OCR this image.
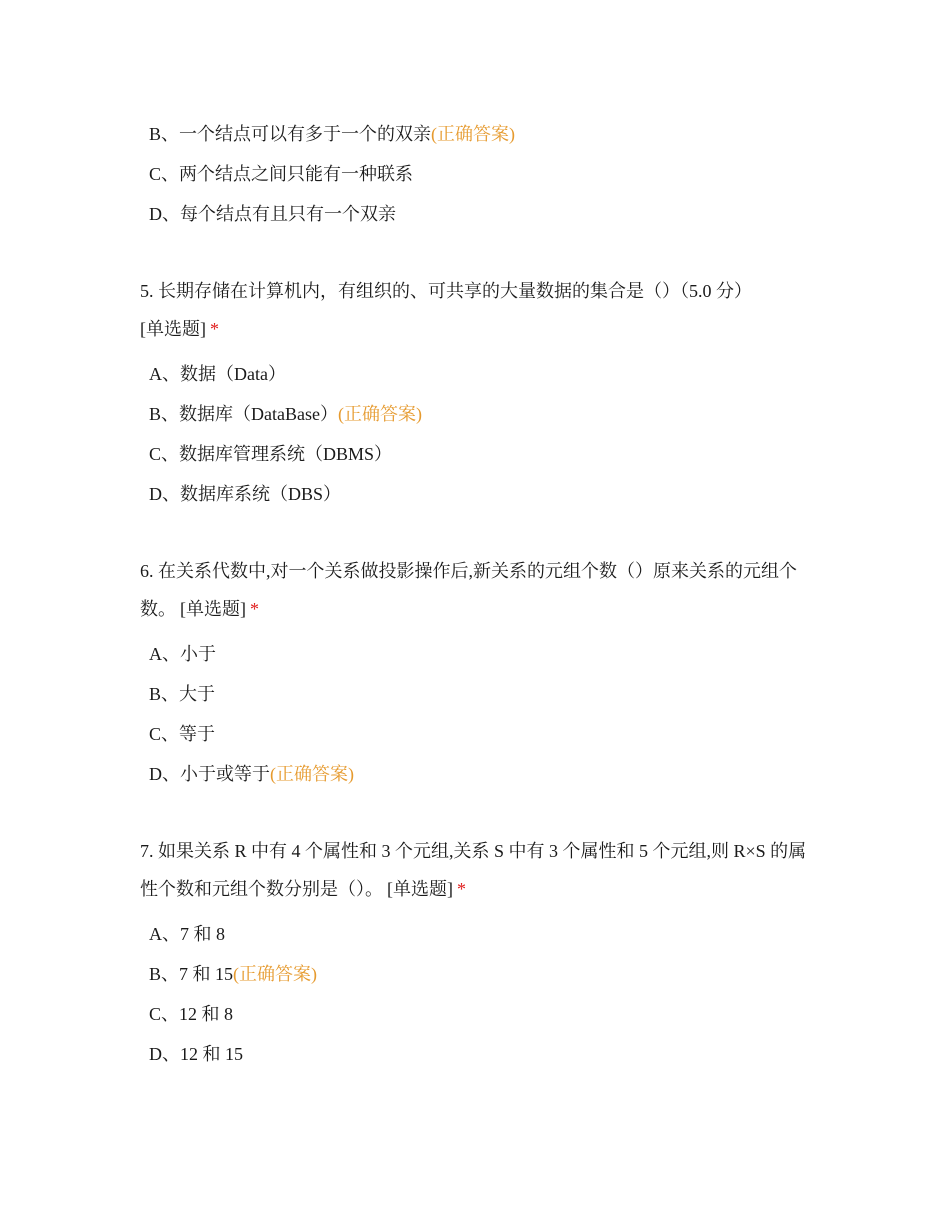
B、一个结点可以有多于一个的双亲(正确答案)
C、两个结点之间只能有一种联系
D、每个结点有且只有一个双亲
5. 长期存储在计算机内，有组织的、可共享的大量数据的集合是（）（5.0 分）
[单选题] *
A、数据（Data）
B、数据库（DataBase）(正确答案)
C、数据库管理系统（DBMS）
D、数据库系统（DBS）
6. 在关系代数中,对一个关系做投影操作后,新关系的元组个数（）原来关系的元组个数。 [单选题] *
A、小于
B、大于
C、等于
D、小于或等于(正确答案)
7. 如果关系 R 中有 4 个属性和 3 个元组,关系 S 中有 3 个属性和 5 个元组,则 R×S 的属性个数和元组个数分别是（）。 [单选题] *
A、7 和 8
B、7 和 15(正确答案)
C、12 和 8
D、12 和 15
